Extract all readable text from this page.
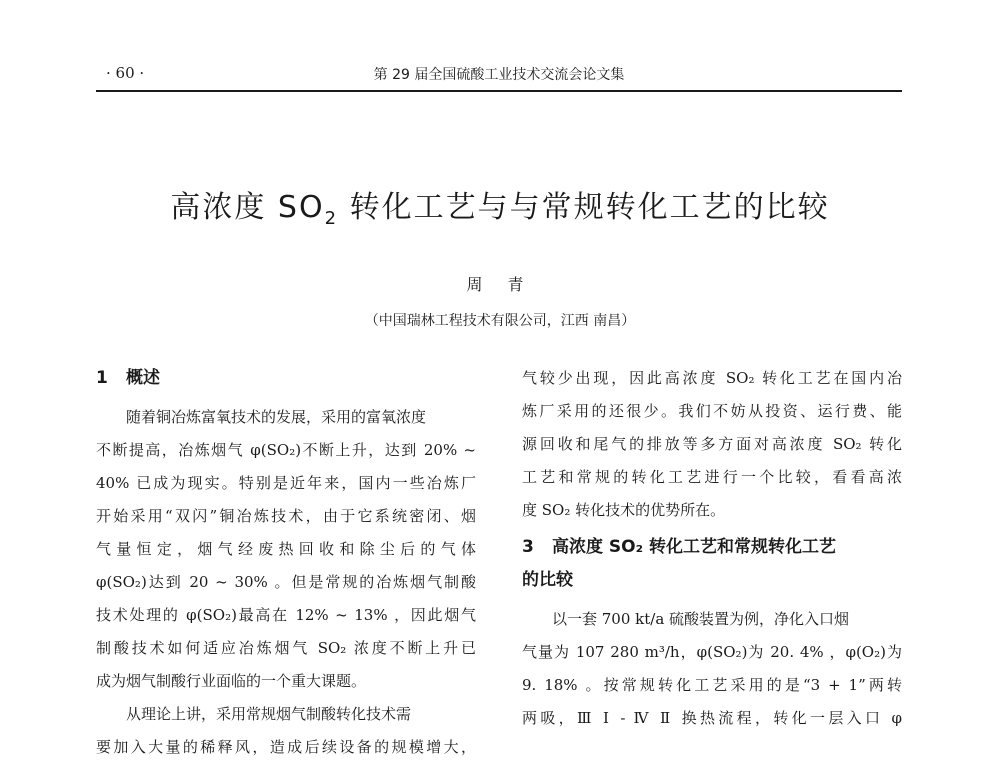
· 60 ·	第 29 届全国硫酸工业技术交流会论文集
高浓度 $SO_2$ 转化工艺与与常规转化工艺的比较
周 青
（中国瑞林工程技术有限公司，江西 南昌）
1 概述

随着铜冶炼富氧技术的发展，采用的富氧浓度

不断提高，冶炼烟气 φ(SO₂)不断上升，达到 20% ~

40% 已成为现实。特别是近年来，国内一些冶炼厂

开始采用“双闪”铜冶炼技术，由于它系统密闭、烟

气量恒定，烟气经废热回收和除尘后的气体

φ(SO₂)达到 20 ~ 30% 。但是常规的冶炼烟气制酸

技术处理的 φ(SO₂)最高在 12% ~ 13% ，因此烟气

制酸技术如何适应冶炼烟气 SO₂ 浓度不断上升已

成为烟气制酸行业面临的一个重大课题。

从理论上讲，采用常规烟气制酸转化技术需

要加入大量的稀释风，造成后续设备的规模增大，

气较少出现，因此高浓度 SO₂ 转化工艺在国内冶

炼厂采用的还很少。我们不妨从投资、运行费、能

源回收和尾气的排放等多方面对高浓度 SO₂ 转化

工艺和常规的转化工艺进行一个比较，看看高浓

度 SO₂ 转化技术的优势所在。

3 高浓度 SO₂ 转化工艺和常规转化工艺
的比较

以一套 700 kt/a 硫酸装置为例，净化入口烟

气量为 107 280 m³/h，φ(SO₂)为 20. 4% ，φ(O₂)为

9. 18% 。按常规转化工艺采用的是“3 + 1”两转

两吸，Ⅲ Ⅰ - Ⅳ Ⅱ 换热流程，转化一层入口 φ
